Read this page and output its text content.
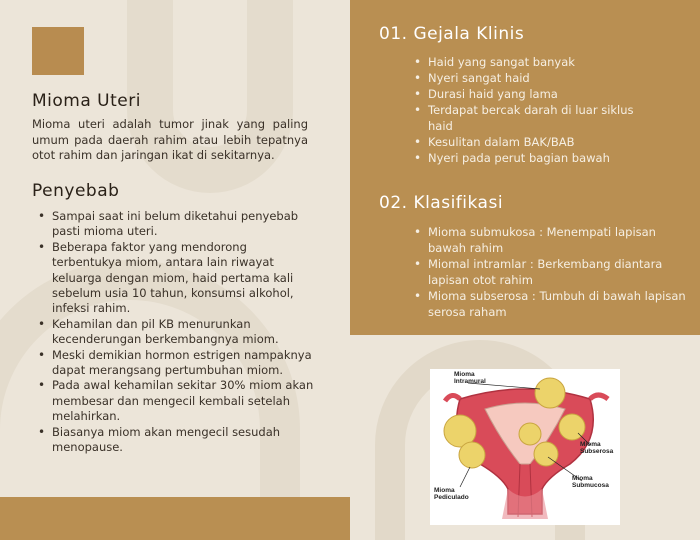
Mioma Uteri

Mioma uteri adalah tumor jinak yang paling umum pada daerah rahim atau lebih tepatnya otot rahim dan jaringan ikat di sekitarnya.

Penyebab
• Sampai saat ini belum diketahui penyebab pasti mioma uteri.
• Beberapa faktor yang mendorong terbentukya miom, antara lain riwayat keluarga dengan miom, haid pertama kali sebelum usia 10 tahun, konsumsi alkohol, infeksi rahim.
• Kehamilan dan pil KB menurunkan kecenderungan berkembangnya miom.
• Meski demikian hormon estrigen nampaknya dapat merangsang pertumbuhan miom.
• Pada awal kehamilan sekitar 30% miom akan membesar dan mengecil kembali setelah melahirkan.
• Biasanya miom akan mengecil sesudah menopause.
01. Gejala Klinis
• Haid yang sangat banyak
• Nyeri sangat haid
• Durasi haid yang lama
• Terdapat bercak darah di luar siklus haid
• Kesulitan dalam BAK/BAB
• Nyeri pada perut bagian bawah
02. Klasifikasi
• Mioma submukosa : Menempati lapisan bawah rahim
• Miomal intramlar : Berkembang diantara lapisan otot rahim
• Mioma subserosa : Tumbuh di bawah lapisan serosa raham
Mioma
Intramural
Mioma
Subserosa
Mioma
Submucosa
Mioma
Pediculado
